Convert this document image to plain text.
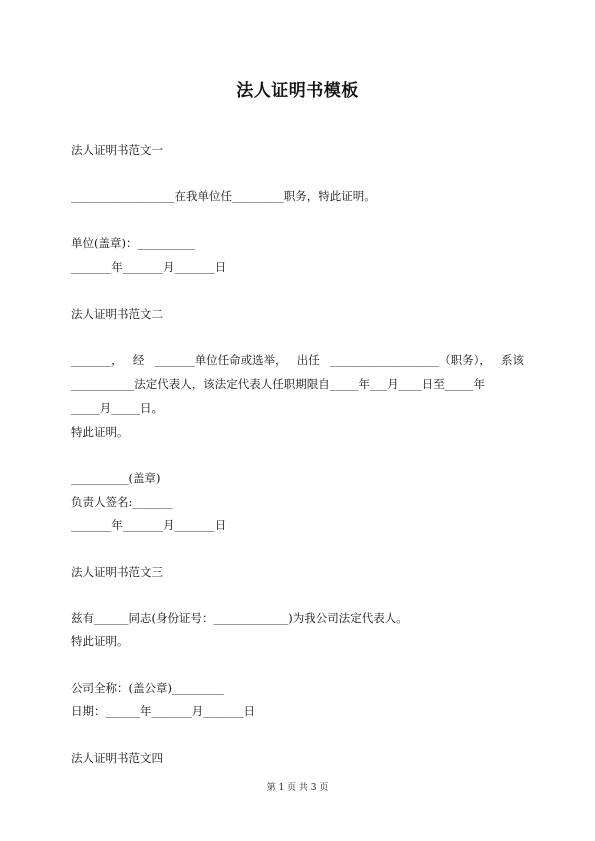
法人证明书模板
法人证明书范文一
__________________在我单位任_________职务，特此证明。
单位(盖章)：__________
_______年_______月_______日
法人证明书范文二
_______， 经 _______单位任命或选举， 出任 ___________________（职务）， 系该
___________法定代表人，该法定代表人任职期限自_____年___月____日至_____年
_____月_____日。
特此证明。
__________(盖章)
负责人签名:_______
_______年_______月_______日
法人证明书范文三
兹有______同志(身份证号：_____________)为我公司法定代表人。
特此证明。
公司全称：(盖公章)_________
日期：______年_______月_______日
法人证明书范文四
第 1 页 共 3 页
